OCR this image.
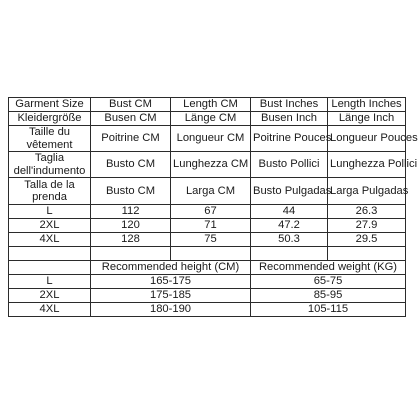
Garment Size	Bust CM	Length CM	Bust Inches	Length Inches
Kleidergröße	Busen CM	Länge CM	Busen Inch	Länge Inch
Taille du vêtement	Poitrine CM	Longueur CM	Poitrine Pouces	Longueur Pouces
Taglia dell'indumento	Busto CM	Lunghezza CM	Busto Pollici	Lunghezza Pollici
Talla de la prenda	Busto CM	Larga CM	Busto Pulgadas	Larga Pulgadas
L	112	67	44	26.3
2XL	120	71	47.2	27.9
4XL	128	75	50.3	29.5

	Recommended height (CM)		Recommended weight (KG)	
L	165-175		65-75	
2XL	175-185		85-95	
4XL	180-190		105-115	
